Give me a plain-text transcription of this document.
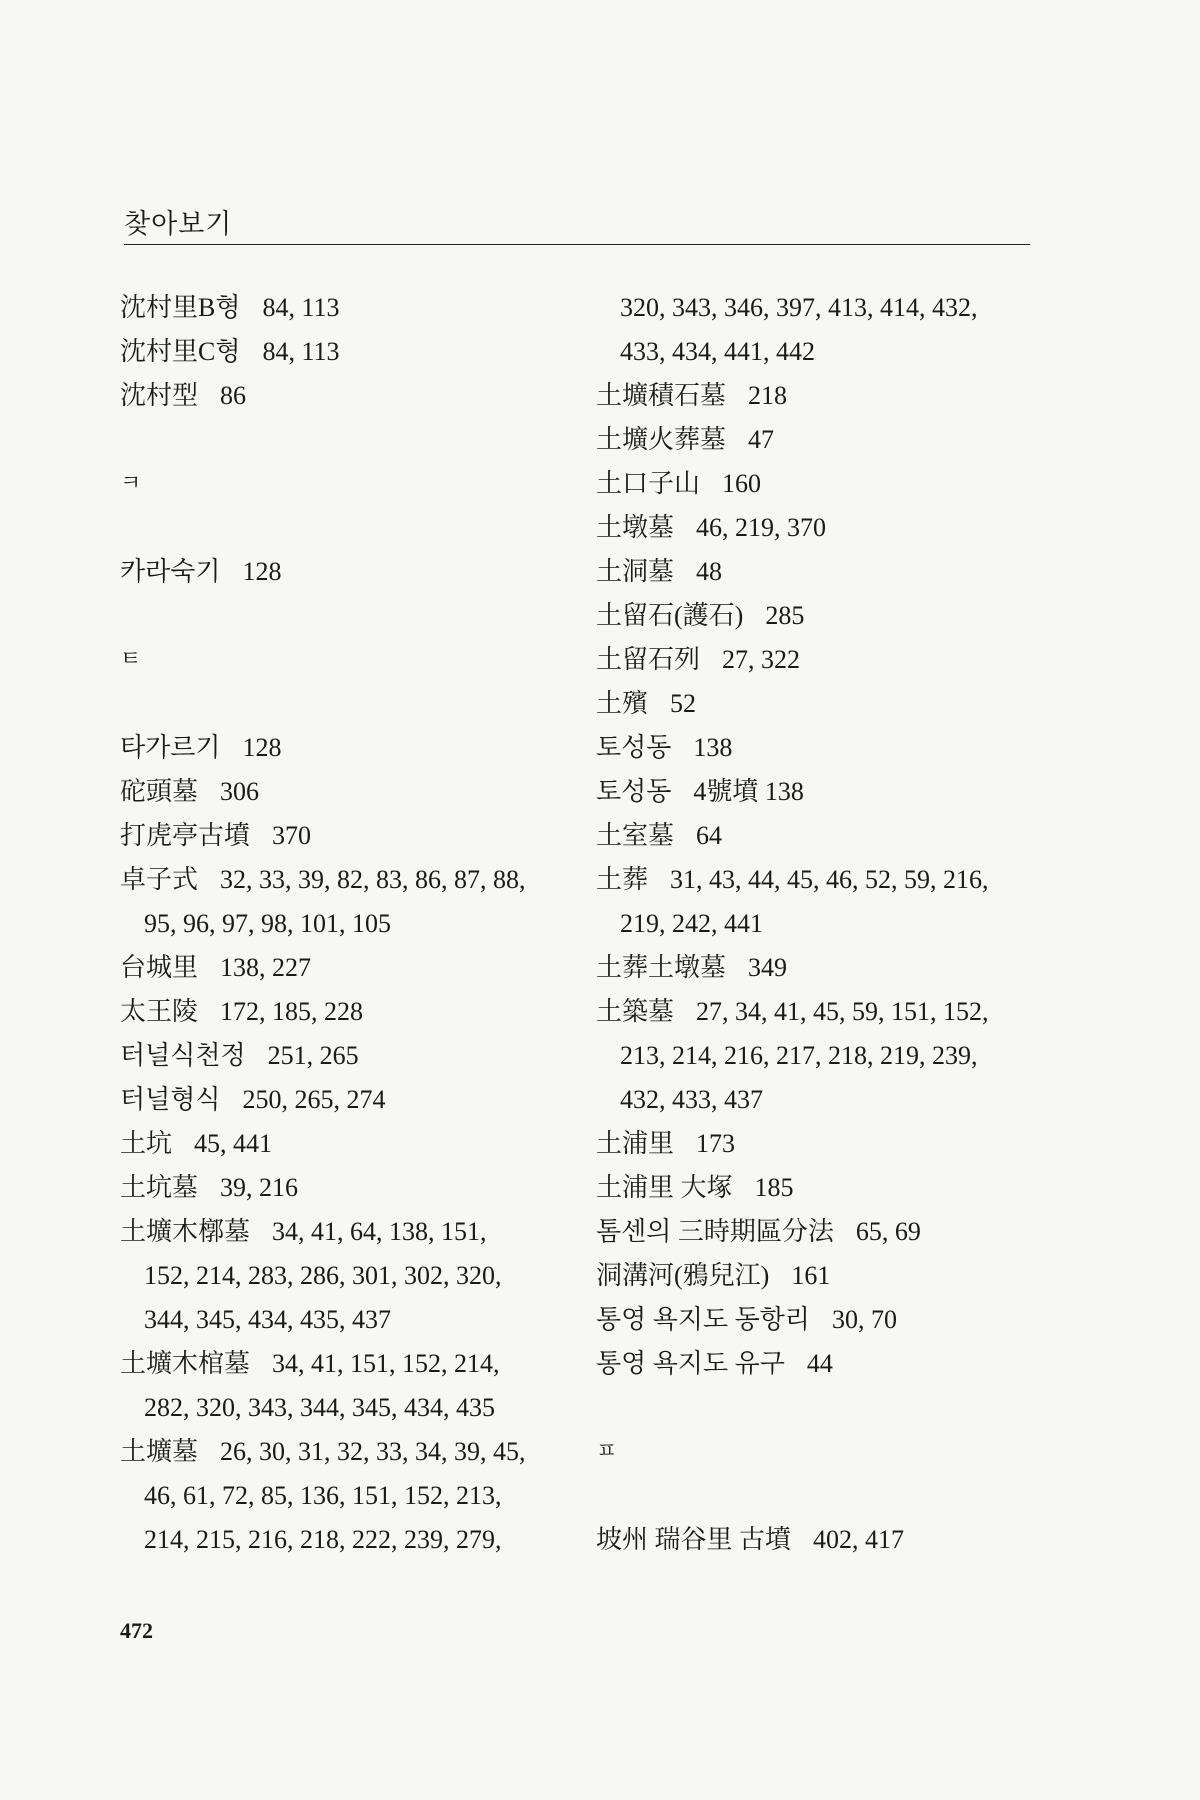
찾아보기
沈村里B형 84, 113
沈村里C형 84, 113
沈村型 86
ㅋ
카라숙기 128
ㅌ
타가르기 128
砣頭墓 306
打虎亭古墳 370
卓子式 32, 33, 39, 82, 83, 86, 87, 88,
95, 96, 97, 98, 101, 105
台城里 138, 227
太王陵 172, 185, 228
터널식천정 251, 265
터널형식 250, 265, 274
土坑 45, 441
土坑墓 39, 216
土壙木槨墓 34, 41, 64, 138, 151,
152, 214, 283, 286, 301, 302, 320,
344, 345, 434, 435, 437
土壙木棺墓 34, 41, 151, 152, 214,
282, 320, 343, 344, 345, 434, 435
土壙墓 26, 30, 31, 32, 33, 34, 39, 45,
46, 61, 72, 85, 136, 151, 152, 213,
214, 215, 216, 218, 222, 239, 279,
320, 343, 346, 397, 413, 414, 432,
433, 434, 441, 442
土壙積石墓 218
土壙火葬墓 47
土口子山 160
土墩墓 46, 219, 370
土洞墓 48
土留石(護石) 285
土留石列 27, 322
土殯 52
토성동 138
토성동 4號墳 138
土室墓 64
土葬 31, 43, 44, 45, 46, 52, 59, 216,
219, 242, 441
土葬土墩墓 349
土築墓 27, 34, 41, 45, 59, 151, 152,
213, 214, 216, 217, 218, 219, 239,
432, 433, 437
土浦里 173
土浦里 大塚 185
톰센의 三時期區分法 65, 69
洞溝河(鴉兒江) 161
통영 욕지도 동항리 30, 70
통영 욕지도 유구 44
ㅍ
坡州 瑞谷里 古墳 402, 417
472
